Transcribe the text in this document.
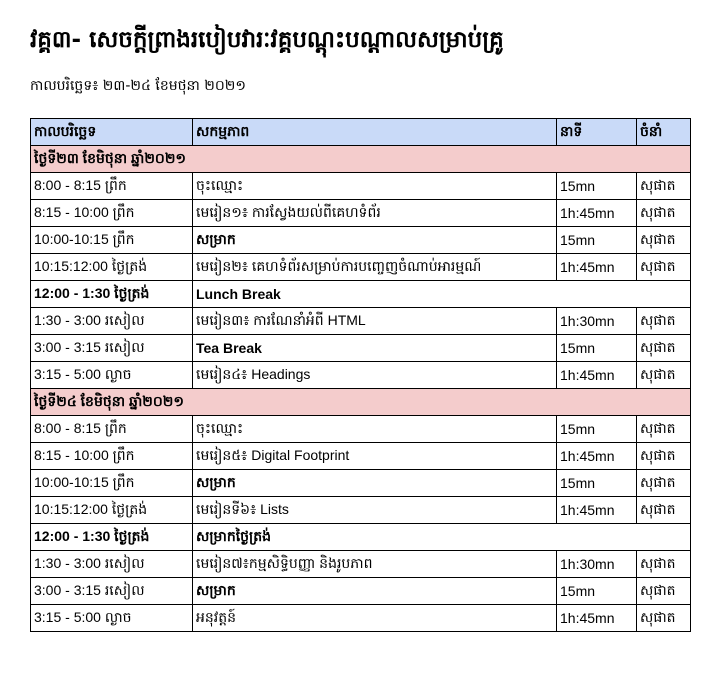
វគ្គ៣- សេចក្តីព្រាងរបៀបវារៈវគ្គបណ្តុះបណ្តាលសម្រាប់គ្រូ
កាលបរិច្ឆេទ៖ ២៣-២៤ ខែមថុនា ២០២១
កាលបរិច្ឆេទ	សកម្មភាព	នាទី	ចំនាំ
ថ្ងៃទី២៣ ខែមិថុនា ឆ្នាំ២០២១			
8:00 - 8:15 ព្រឹក	ចុះឈ្មោះ	15mn	សុផាត
8:15 - 10:00 ព្រឹក	មេរៀន១៖ ការស្វែងយល់ពីគេហទំព័រ	1h:45mn	សុផាត
10:00-10:15 ព្រឹក	សម្រាក	15mn	សុផាត
10:15:12:00 ថ្ងៃត្រង់	មេរៀន២៖ គេហទំព័រសម្រាប់ការបញ្ចេញចំណាប់អារម្មណ៍	1h:45mn	សុផាត
12:00 - 1:30 ថ្ងៃត្រង់	Lunch Break		
1:30 - 3:00 រសៀល	មេរៀន៣៖ ការណែនាំអំពី HTML	1h:30mn	សុផាត
3:00 - 3:15 រសៀល	Tea Break	15mn	សុផាត
3:15 - 5:00 ល្ងាច	មេរៀន៤៖ Headings	1h:45mn	សុផាត
ថ្ងៃទី២៤ ខែមិថុនា ឆ្នាំ២០២១			
8:00 - 8:15 ព្រឹក	ចុះឈ្មោះ	15mn	សុផាត
8:15 - 10:00 ព្រឹក	មេរៀន៥៖ Digital Footprint	1h:45mn	សុផាត
10:00-10:15 ព្រឹក	សម្រាក	15mn	សុផាត
10:15:12:00 ថ្ងៃត្រង់	មេរៀនទី៦៖ Lists	1h:45mn	សុផាត
12:00 - 1:30 ថ្ងៃត្រង់	សម្រាកថ្ងៃត្រង់		
1:30 - 3:00 រសៀល	មេរៀន៧៖កម្មសិទ្ធិបញ្ញា និងរូបភាព	1h:30mn	សុផាត
3:00 - 3:15 រសៀល	សម្រាក	15mn	សុផាត
3:15 - 5:00 ល្ងាច	អនុវត្តន៍	1h:45mn	សុផាត
